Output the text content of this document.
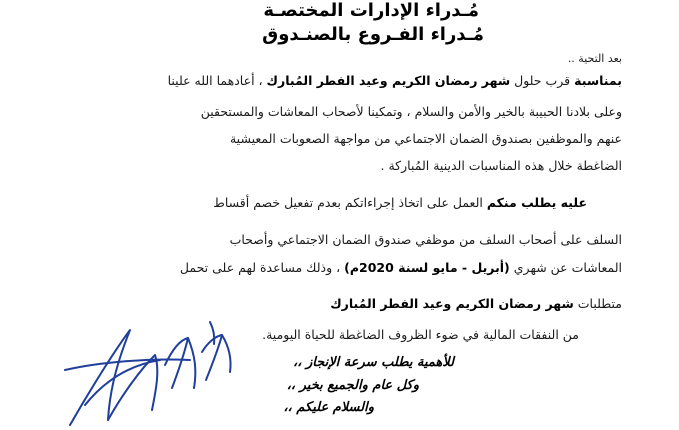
مُـدراء الإدارات المختصـة
مُـدراء الفـروع بالصنـدوق
بعد التحية ..
بمناسبة قرب حلول شهر رمضان الكريم وعيد الفطر المُبارك ، أعادهما الله علينا
وعلى بلادنا الحبيبة بالخير والأمن والسلام ، وتمكينا لأصحاب المعاشات والمستحقين
عنهم والموظفين بصندوق الضمان الاجتماعي من مواجهة الصعوبات المعيشية
الضاغطة خلال هذه المناسبات الدينية المُباركة .
عليه يطلب منكم العمل على اتخاذ إجراءاتكم بعدم تفعيل خصم أقساط
السلف على أصحاب السلف من موظفي صندوق الضمان الاجتماعي وأصحاب
المعاشات عن شهري (أبريل - مايو لسنة 2020م) ، وذلك مساعدة لهم على تحمل
متطلبات شهر رمضان الكريم وعيد الفطر المُبارك
من النفقات المالية في ضوء الظروف الضاغطة للحياة اليومية.
للأهمية يطلب سرعة الإنجاز ،،
وكل عام والجميع بخير ،،
والسلام عليكم ،،
